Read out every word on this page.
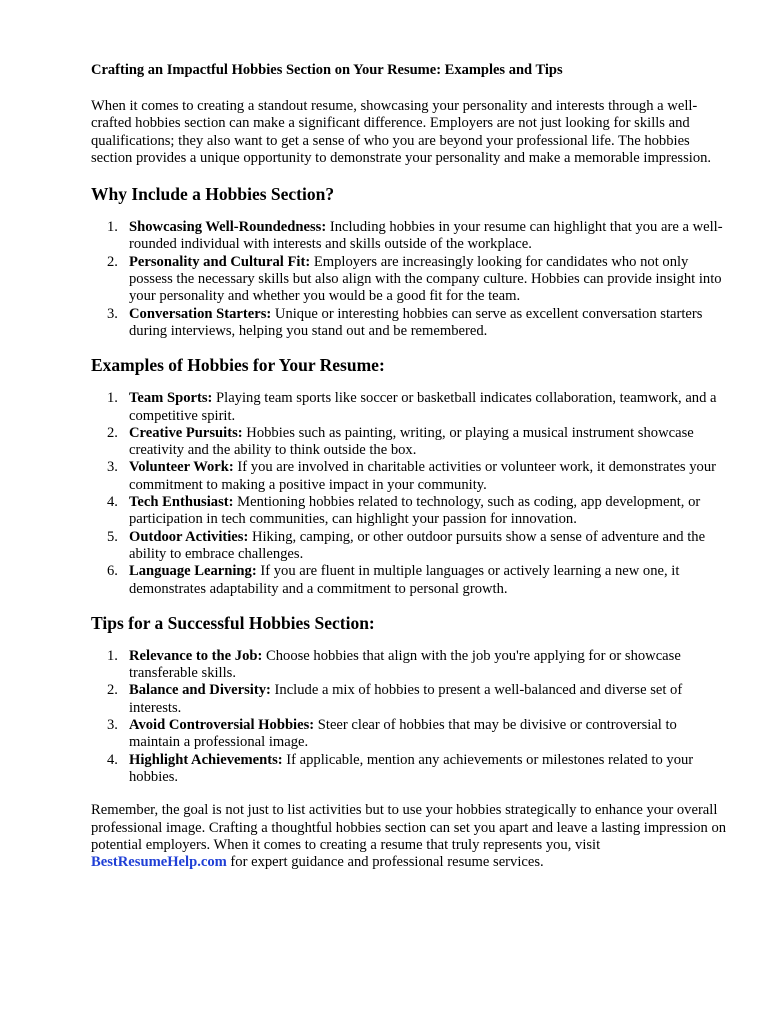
Crafting an Impactful Hobbies Section on Your Resume: Examples and Tips

When it comes to creating a standout resume, showcasing your personality and interests through a well-crafted hobbies section can make a significant difference. Employers are not just looking for skills and qualifications; they also want to get a sense of who you are beyond your professional life. The hobbies section provides a unique opportunity to demonstrate your personality and make a memorable impression.

Why Include a Hobbies Section?
1. Showcasing Well-Roundedness: Including hobbies in your resume can highlight that you are a well-rounded individual with interests and skills outside of the workplace.
2. Personality and Cultural Fit: Employers are increasingly looking for candidates who not only possess the necessary skills but also align with the company culture. Hobbies can provide insight into your personality and whether you would be a good fit for the team.
3. Conversation Starters: Unique or interesting hobbies can serve as excellent conversation starters during interviews, helping you stand out and be remembered.
Examples of Hobbies for Your Resume:
1. Team Sports: Playing team sports like soccer or basketball indicates collaboration, teamwork, and a competitive spirit.
2. Creative Pursuits: Hobbies such as painting, writing, or playing a musical instrument showcase creativity and the ability to think outside the box.
3. Volunteer Work: If you are involved in charitable activities or volunteer work, it demonstrates your commitment to making a positive impact in your community.
4. Tech Enthusiast: Mentioning hobbies related to technology, such as coding, app development, or participation in tech communities, can highlight your passion for innovation.
5. Outdoor Activities: Hiking, camping, or other outdoor pursuits show a sense of adventure and the ability to embrace challenges.
6. Language Learning: If you are fluent in multiple languages or actively learning a new one, it demonstrates adaptability and a commitment to personal growth.
Tips for a Successful Hobbies Section:
1. Relevance to the Job: Choose hobbies that align with the job you're applying for or showcase transferable skills.
2. Balance and Diversity: Include a mix of hobbies to present a well-balanced and diverse set of interests.
3. Avoid Controversial Hobbies: Steer clear of hobbies that may be divisive or controversial to maintain a professional image.
4. Highlight Achievements: If applicable, mention any achievements or milestones related to your hobbies.

Remember, the goal is not just to list activities but to use your hobbies strategically to enhance your overall professional image. Crafting a thoughtful hobbies section can set you apart and leave a lasting impression on potential employers. When it comes to creating a resume that truly represents you, visit BestResumeHelp.com for expert guidance and professional resume services.
